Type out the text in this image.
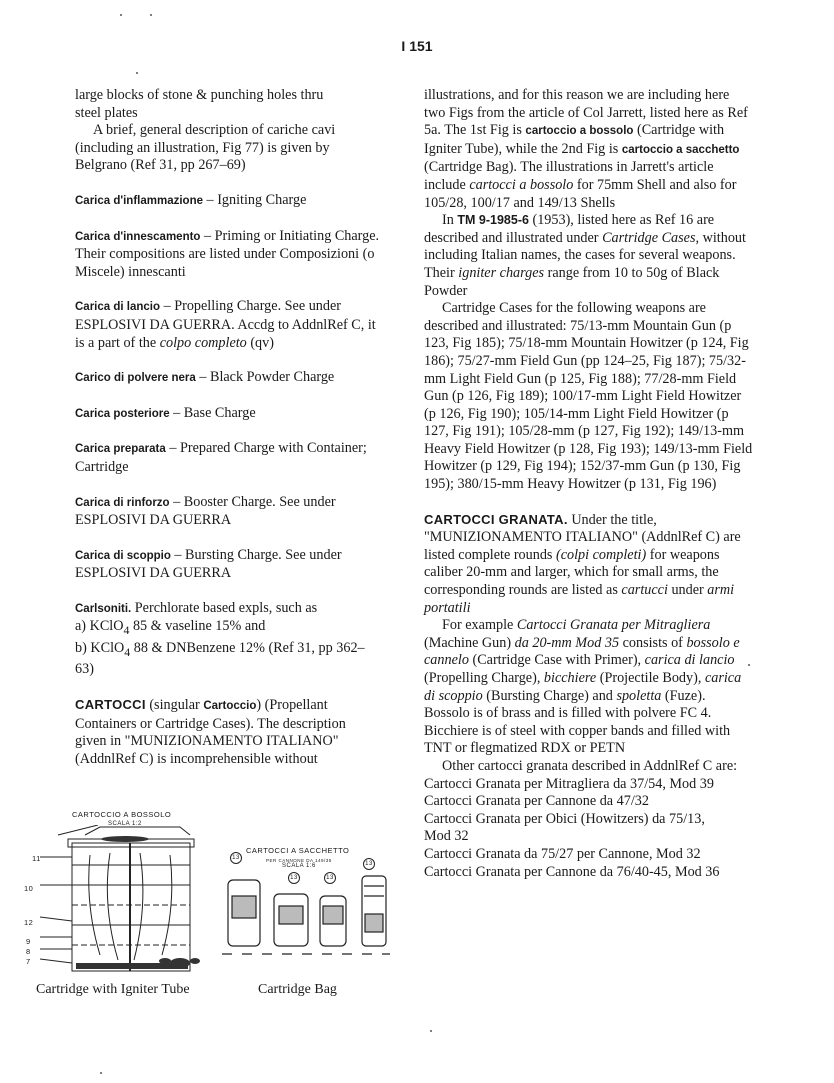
I 151

large blocks of stone & punching holes thru

steel plates

A brief, general description of cariche cavi (including an illustration, Fig 77) is given by Belgrano (Ref 31, pp 267–69)

Carica d'inflammazione – Igniting Charge

Carica d'innescamento – Priming or Initiating Charge. Their compositions are listed under Composizioni (o Miscele) innescanti

Carica di lancio – Propelling Charge. See under ESPLOSIVI DA GUERRA. Accdg to AddnlRef C, it is a part of the colpo completo (qv)

Carico di polvere nera – Black Powder Charge

Carica posteriore – Base Charge

Carica preparata – Prepared Charge with Container; Cartridge

Carica di rinforzo – Booster Charge. See under ESPLOSIVI DA GUERRA

Carica di scoppio – Bursting Charge. See under ESPLOSIVI DA GUERRA

Carlsoniti. Perchlorate based expls, such as

a) KClO$_4$ 85 & vaseline 15% and

b) KClO$_4$ 88 & DNBenzene 12% (Ref 31, pp 362–63)

CARTOCCI (singular Cartoccio) (Propellant Containers or Cartridge Cases). The description given in "MUNIZIONAMENTO ITALIANO" (AddnlRef C) is incomprehensible without

CARTOCCIO A BOSSOLO
SCALA 1:2
11
10
12
9
8
7
Cartridge with Igniter Tube
CARTOCCI A SACCHETTO
PER CANNONE DA 149/35
SCALA 1:6
13
13	13
13
Cartridge Bag

illustrations, and for this reason we are including here two Figs from the article of Col Jarrett, listed here as Ref 5a. The 1st Fig is cartoccio a bossolo (Cartridge with Igniter Tube), while the 2nd Fig is cartoccio a sacchetto (Cartridge Bag). The illustrations in Jarrett's article include cartocci a bossolo for 75mm Shell and also for 105/28, 100/17 and 149/13 Shells

In TM 9-1985-6 (1953), listed here as Ref 16 are described and illustrated under Cartridge Cases, without including Italian names, the cases for several weapons. Their igniter charges range from 10 to 50g of Black Powder

Cartridge Cases for the following weapons are described and illustrated: 75/13-mm Mountain Gun (p 123, Fig 185); 75/18-mm Mountain Howitzer (p 124, Fig 186); 75/27-mm Field Gun (pp 124–25, Fig 187); 75/32-mm Light Field Gun (p 125, Fig 188); 77/28-mm Field Gun (p 126, Fig 189); 100/17-mm Light Field Howitzer (p 126, Fig 190); 105/14-mm Light Field Howitzer (p 127, Fig 191); 105/28-mm (p 127, Fig 192); 149/13-mm Heavy Field Howitzer (p 128, Fig 193); 149/13-mm Field Howitzer (p 129, Fig 194); 152/37-mm Gun (p 130, Fig 195); 380/15-mm Heavy Howitzer (p 131, Fig 196)

CARTOCCI GRANATA. Under the title, "MUNIZIONAMENTO ITALIANO" (AddnlRef C) are listed complete rounds (colpi completi) for weapons caliber 20-mm and larger, which for small arms, the corresponding rounds are listed as cartucci under armi portatili

For example Cartocci Granata per Mitragliera (Machine Gun) da 20-mm Mod 35 consists of bossolo e cannelo (Cartridge Case with Primer), carica di lancio (Propelling Charge), bicchiere (Projectile Body), carica di scoppio (Bursting Charge) and spoletta (Fuze). Bossolo is of brass and is filled with polvere FC 4. Bicchiere is of steel with copper bands and filled with TNT or flegmatized RDX or PETN

Other cartocci granata described in AddnlRef C are:

Cartocci Granata per Mitragliera da 37/54, Mod 39

Cartocci Granata per Cannone da 47/32

Cartocci Granata per Obici (Howitzers) da 75/13,

Mod 32

Cartocci Granata da 75/27 per Cannone, Mod 32

Cartocci Granata per Cannone da 76/40-45, Mod 36
